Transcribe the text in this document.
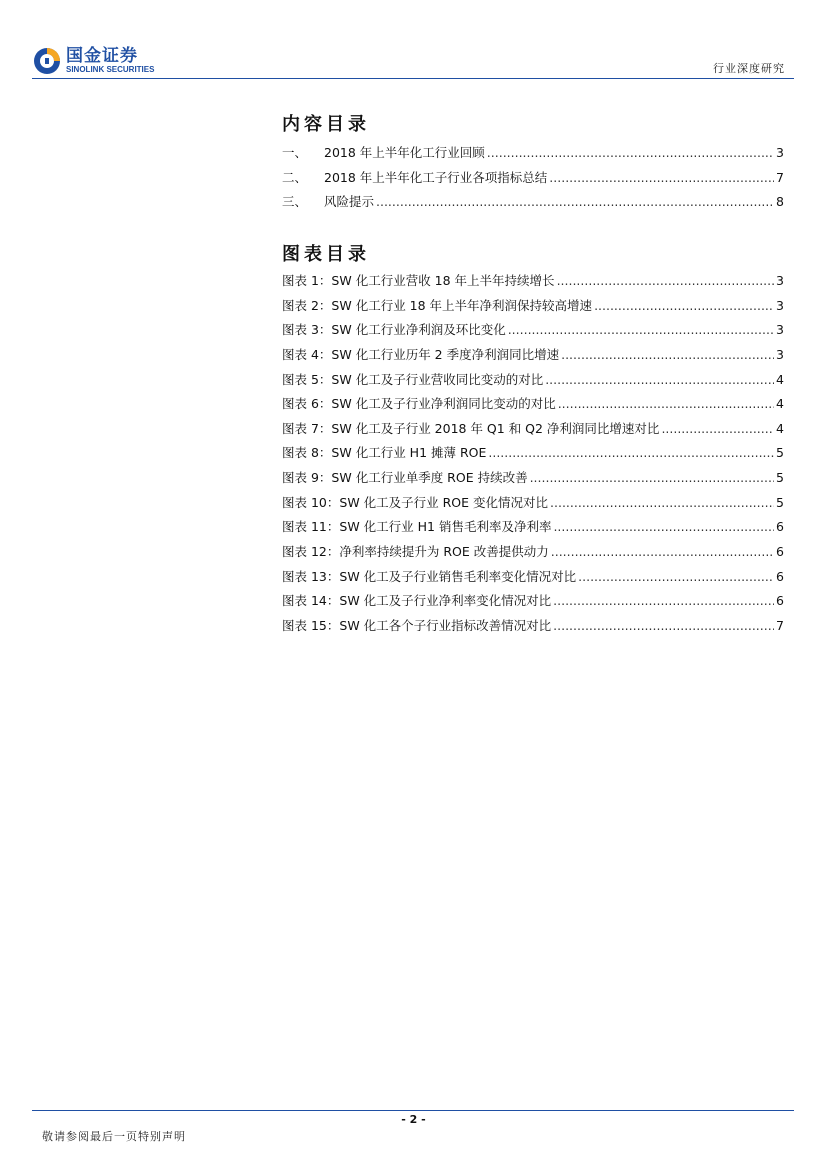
国金证券
SINOLINK SECURITIES	行业深度研究
内容目录
一、	2018 年上半年化工行业回顾 .....	3
二、	2018 年上半年化工子行业各项指标总结 .....	7
三、	风险提示 .....	8
图表目录
图表 1：SW 化工行业营收 18 年上半年持续增长 .....	3
图表 2：SW 化工行业 18 年上半年净利润保持较高增速 .....	3
图表 3：SW 化工行业净利润及环比变化 .....	3
图表 4：SW 化工行业历年 2 季度净利润同比增速 .....	3
图表 5：SW 化工及子行业营收同比变动的对比 .....	4
图表 6：SW 化工及子行业净利润同比变动的对比 .....	4
图表 7：SW 化工及子行业 2018 年 Q1 和 Q2 净利润同比增速对比 .....	4
图表 8：SW 化工行业 H1 摊薄 ROE .....	5
图表 9：SW 化工行业单季度 ROE 持续改善 .....	5
图表 10：SW 化工及子行业 ROE 变化情况对比 .....	5
图表 11：SW 化工行业 H1 销售毛利率及净利率 .....	6
图表 12：净利率持续提升为 ROE 改善提供动力 .....	6
图表 13：SW 化工及子行业销售毛利率变化情况对比 .....	6
图表 14：SW 化工及子行业净利率变化情况对比 .....	6
图表 15：SW 化工各个子行业指标改善情况对比 .....	7
- 2 -
敬请参阅最后一页特别声明
